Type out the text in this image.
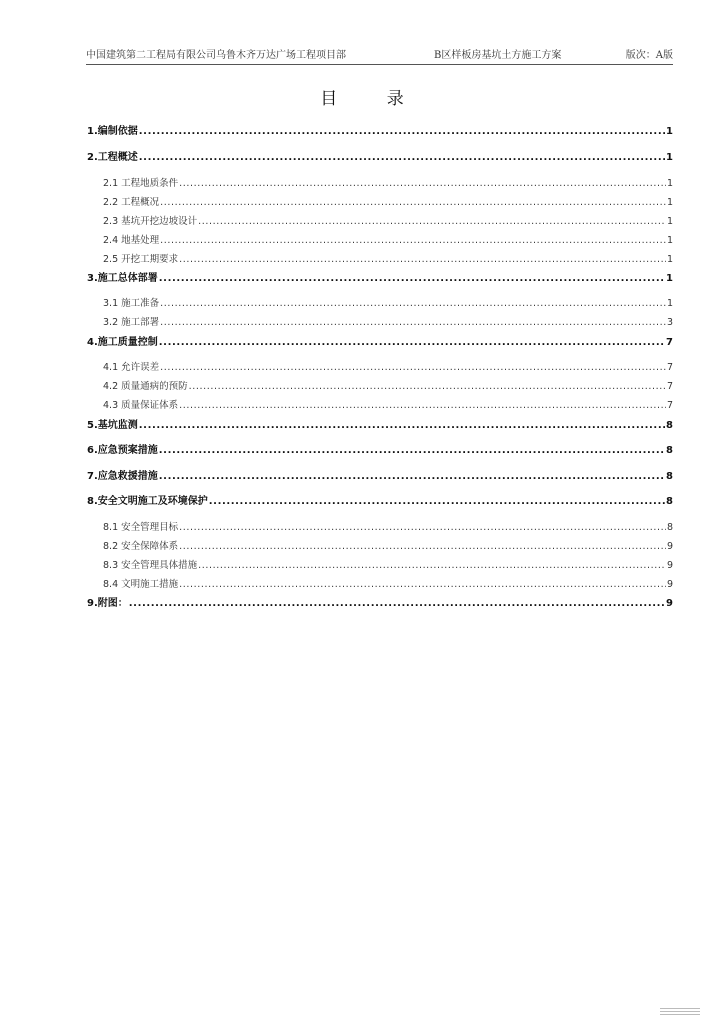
中国建筑第二工程局有限公司乌鲁木齐万达广场工程项目部	B区样板房基坑土方施工方案	版次：A版
目 录
1.编制依据 .....	1
2.工程概述 .....	1
2.1 工程地质条件 .....	1
2.2 工程概况 .....	1
2.3 基坑开挖边坡设计 .....	1
2.4 地基处理 .....	1
2.5 开挖工期要求 .....	1
3.施工总体部署 .....	1
3.1 施工准备 .....	1
3.2 施工部署 .....	3
4.施工质量控制 .....	7
4.1 允许误差 .....	7
4.2 质量通病的预防 .....	7
4.3 质量保证体系 .....	7
5.基坑监测 .....	8
6.应急预案措施 .....	8
7.应急救援措施 .....	8
8.安全文明施工及环境保护 .....	8
8.1 安全管理目标 .....	8
8.2 安全保障体系 .....	9
8.3 安全管理具体措施 .....	9
8.4 文明施工措施 .....	9
9.附图： .....	9
